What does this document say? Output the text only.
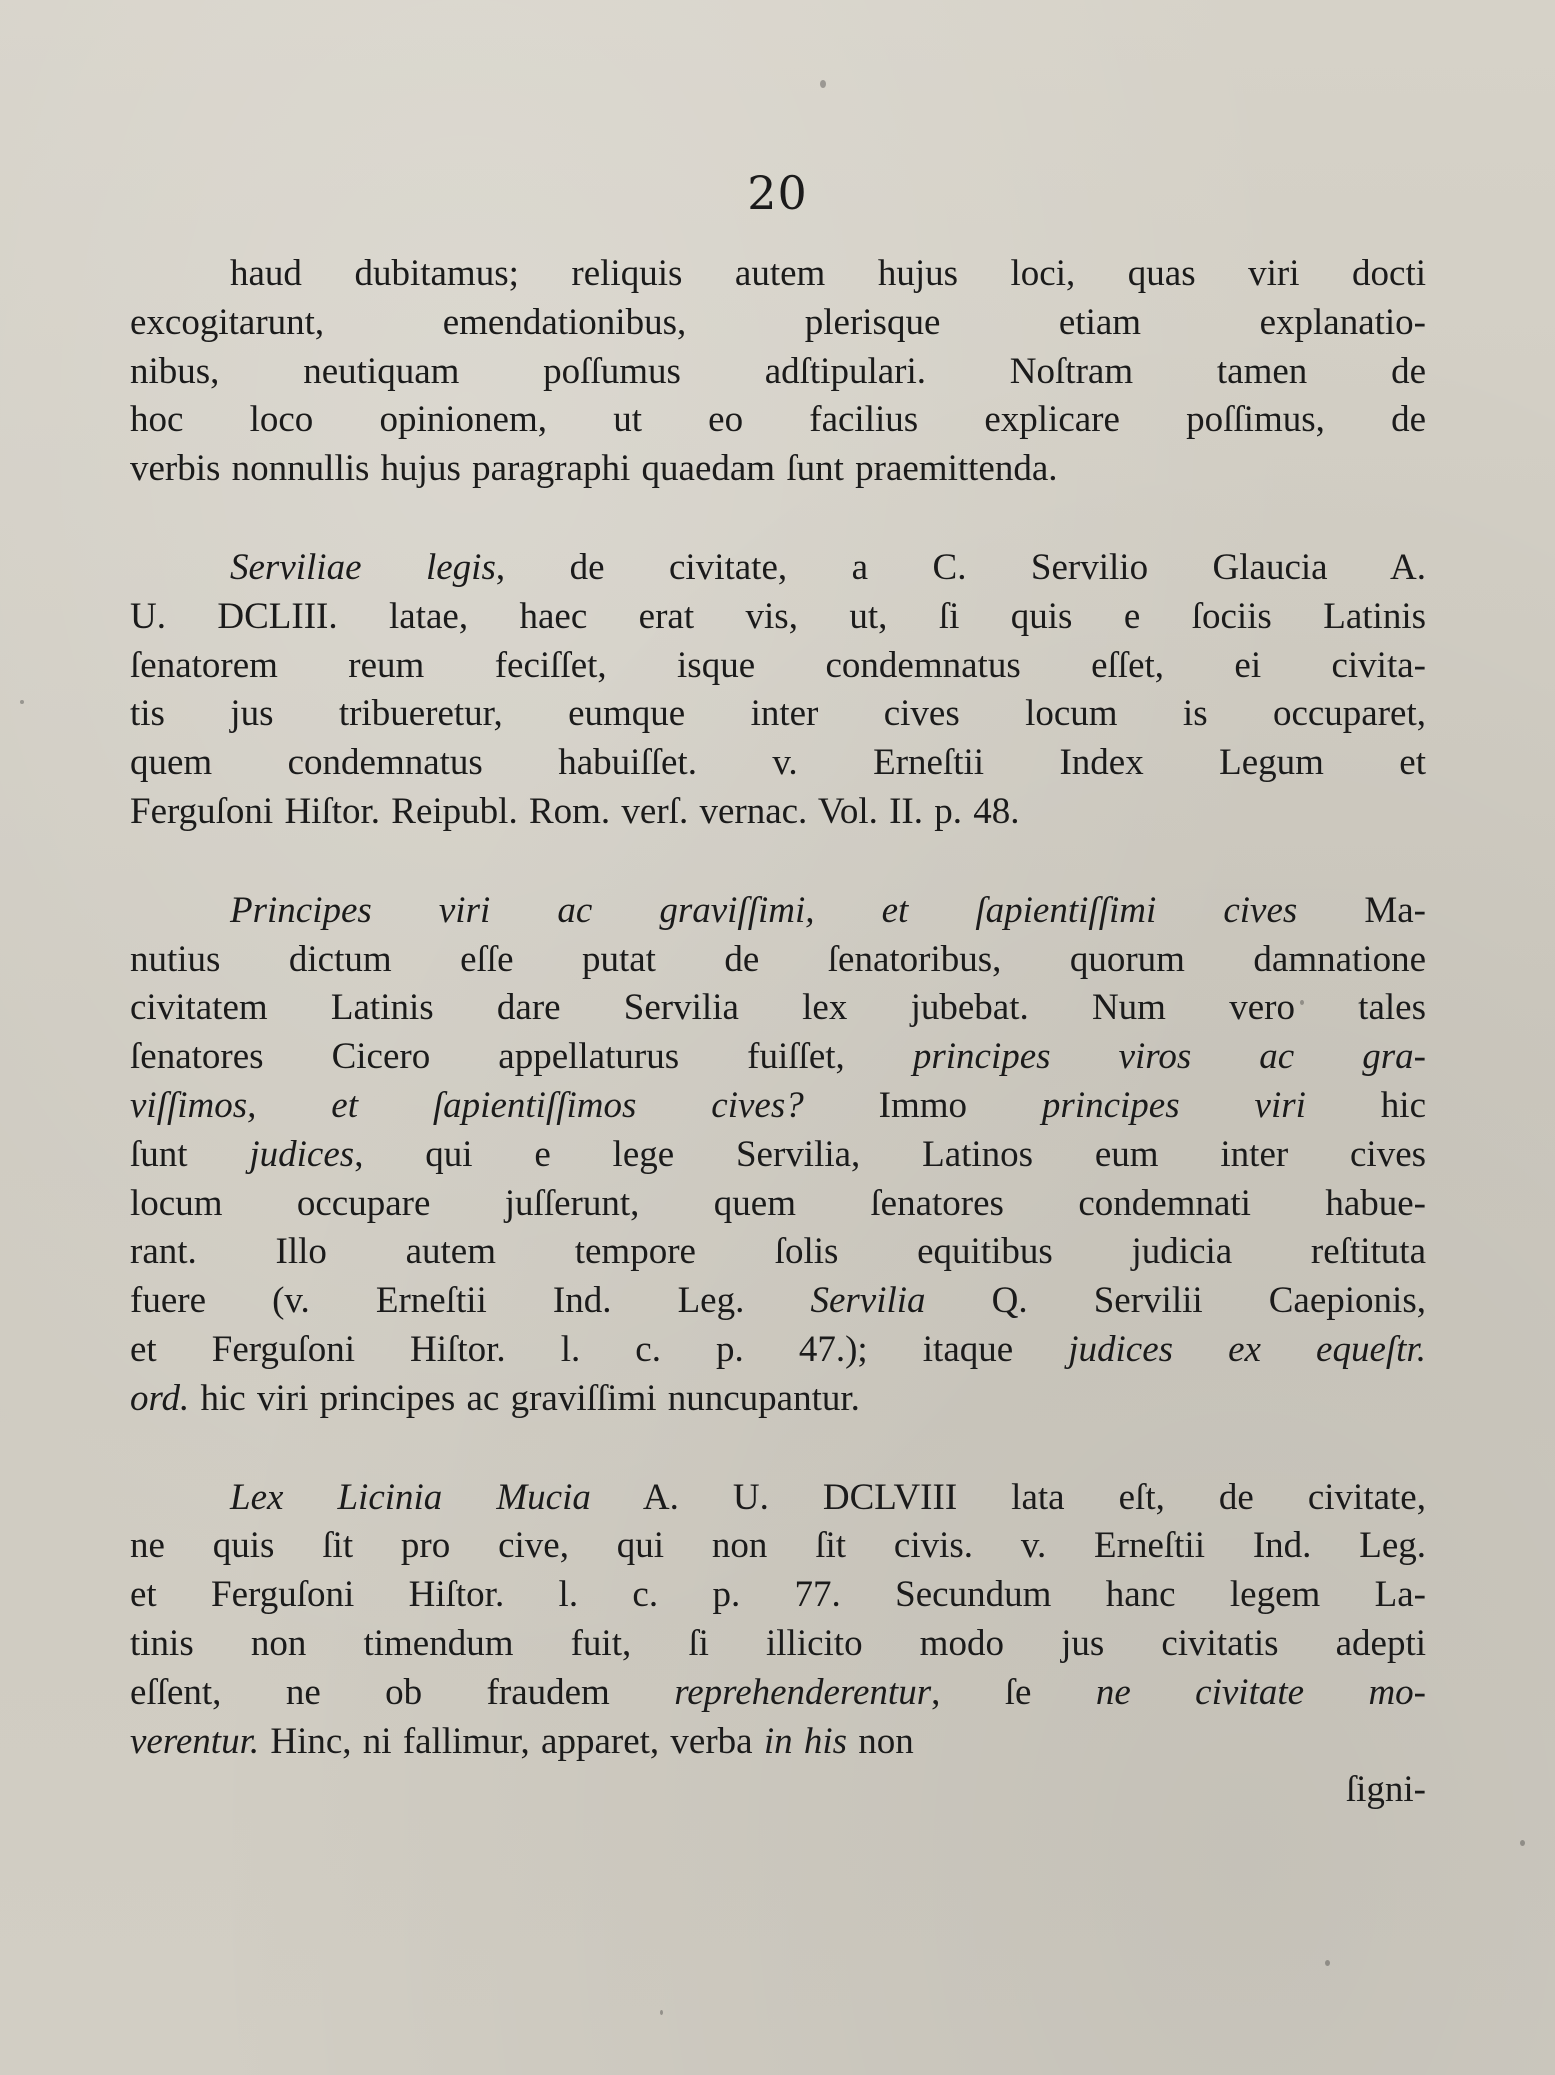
20

haud dubitamus; reliquis autem hujus loci, quas viri docti
excogitarunt, emendationibus, plerisque etiam explanatio-
nibus, neutiquam poſſumus adſtipulari. Noſtram tamen de
hoc loco opinionem, ut eo facilius explicare poſſimus, de
verbis nonnullis hujus paragraphi quaedam ſunt praemittenda.

Serviliae legis, de civitate, a C. Servilio Glaucia A.
U. DCLIII. latae, haec erat vis, ut, ſi quis e ſociis Latinis
ſenatorem reum feciſſet, isque condemnatus eſſet, ei civita-
tis jus tribueretur, eumque inter cives locum is occuparet,
quem condemnatus habuiſſet. v. Erneſtii Index Legum et
Ferguſoni Hiſtor. Reipubl. Rom. verſ. vernac. Vol. II. p. 48.

Principes viri ac graviſſimi, et ſapientiſſimi cives Ma-
nutius dictum eſſe putat de ſenatoribus, quorum damnatione
civitatem Latinis dare Servilia lex jubebat. Num vero tales
ſenatores Cicero appellaturus fuiſſet, principes viros ac gra-
viſſimos, et ſapientiſſimos cives? Immo principes viri hic
ſunt judices, qui e lege Servilia, Latinos eum inter cives
locum occupare juſſerunt, quem ſenatores condemnati habue-
rant. Illo autem tempore ſolis equitibus judicia reſtituta
fuere (v. Erneſtii Ind. Leg. Servilia Q. Servilii Caepionis,
et Ferguſoni Hiſtor. l. c. p. 47.); itaque judices ex equeſtr.
ord. hic viri principes ac graviſſimi nuncupantur.

Lex Licinia Mucia A. U. DCLVIII lata eſt, de civitate,
ne quis ſit pro cive, qui non ſit civis. v. Erneſtii Ind. Leg.
et Ferguſoni Hiſtor. l. c. p. 77. Secundum hanc legem La-
tinis non timendum fuit, ſi illicito modo jus civitatis adepti
eſſent, ne ob fraudem reprehenderentur, ſe ne civitate mo-
verentur. Hinc, ni fallimur, apparet, verba in his non

ſigni-
